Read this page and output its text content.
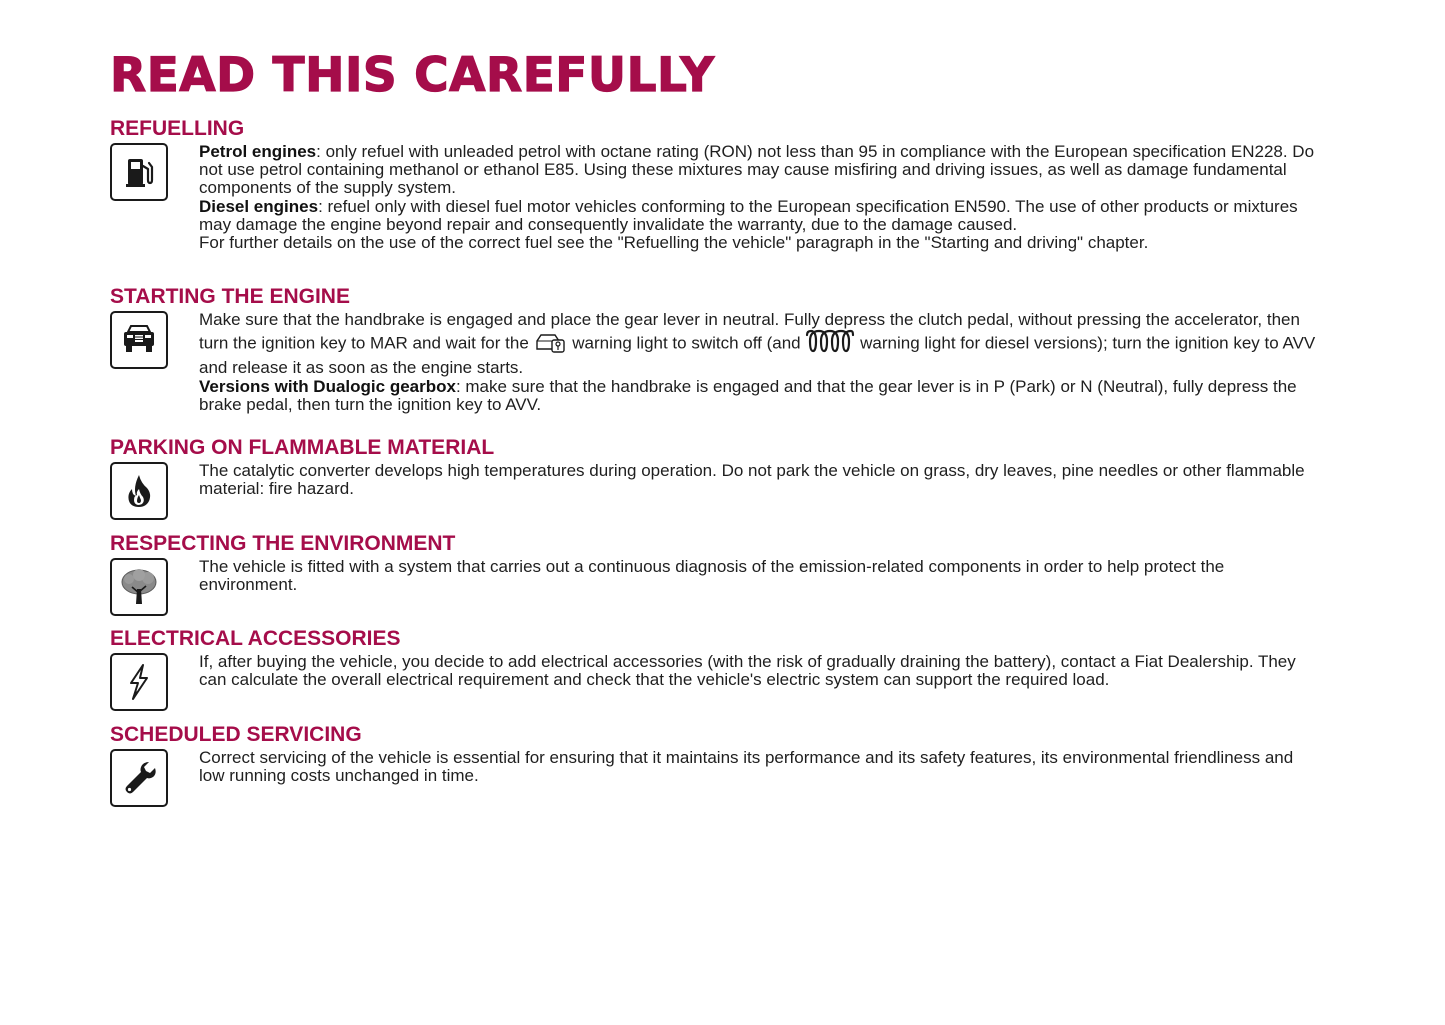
READ THIS CAREFULLY
REFUELLING

Petrol engines: only refuel with unleaded petrol with octane rating (RON) not less than 95 in compliance with the European specification EN228. Do not use petrol containing methanol or ethanol E85. Using these mixtures may cause misfiring and driving issues, as well as damage fundamental components of the supply system.

Diesel engines: refuel only with diesel fuel motor vehicles conforming to the European specification EN590. The use of other products or mixtures may damage the engine beyond repair and consequently invalidate the warranty, due to the damage caused.

For further details on the use of the correct fuel see the "Refuelling the vehicle" paragraph in the "Starting and driving" chapter.

STARTING THE ENGINE

Make sure that the handbrake is engaged and place the gear lever in neutral. Fully depress the clutch pedal, without pressing the accelerator, then turn the ignition key to MAR and wait for the	warning light to switch off (and	warning light for diesel versions); turn the ignition key to AVV and release it as soon as the engine starts.

Versions with Dualogic gearbox: make sure that the handbrake is engaged and that the gear lever is in P (Park) or N (Neutral), fully depress the brake pedal, then turn the ignition key to AVV.

PARKING ON FLAMMABLE MATERIAL

The catalytic converter develops high temperatures during operation. Do not park the vehicle on grass, dry leaves, pine needles or other flammable material: fire hazard.

RESPECTING THE ENVIRONMENT

The vehicle is fitted with a system that carries out a continuous diagnosis of the emission-related components in order to help protect the environment.

ELECTRICAL ACCESSORIES

If, after buying the vehicle, you decide to add electrical accessories (with the risk of gradually draining the battery), contact a Fiat Dealership. They can calculate the overall electrical requirement and check that the vehicle's electric system can support the required load.

SCHEDULED SERVICING

Correct servicing of the vehicle is essential for ensuring that it maintains its performance and its safety features, its environmental friendliness and low running costs unchanged in time.
